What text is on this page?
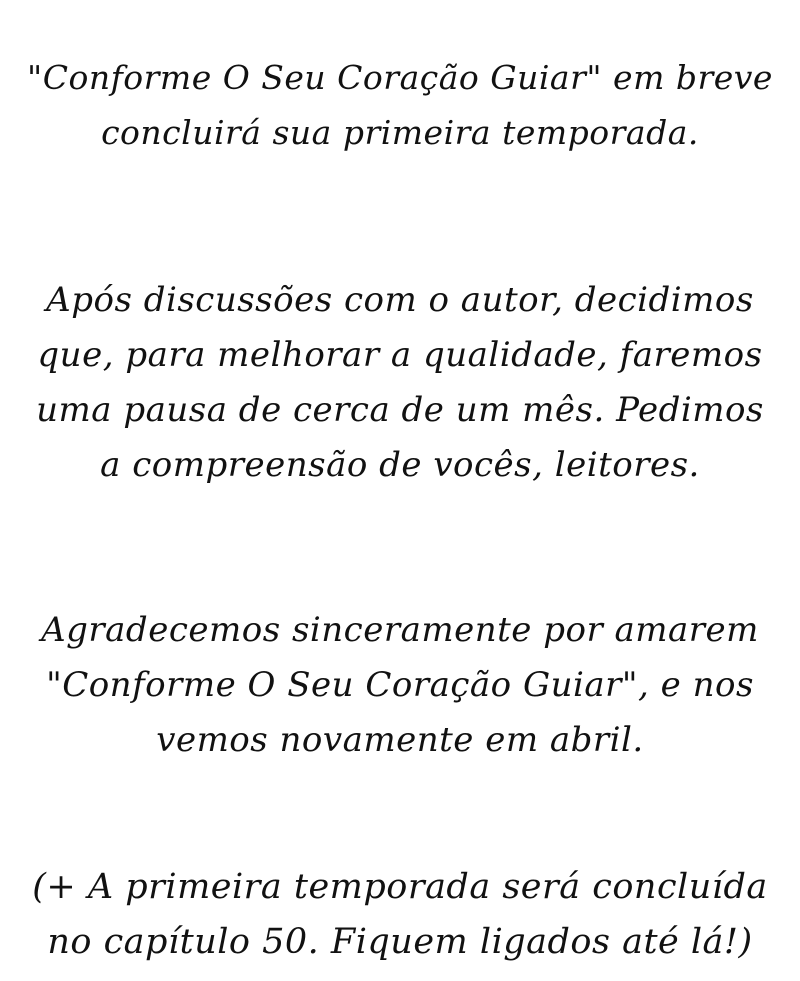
"Conforme O Seu Coração Guiar" em breve
concluirá sua primeira temporada.
Após discussões com o autor, decidimos
que, para melhorar a qualidade, faremos
uma pausa de cerca de um mês. Pedimos
a compreensão de vocês, leitores.
Agradecemos sinceramente por amarem
"Conforme O Seu Coração Guiar", e nos
vemos novamente em abril.
(+ A primeira temporada será concluída
no capítulo 50. Fiquem ligados até lá!)
